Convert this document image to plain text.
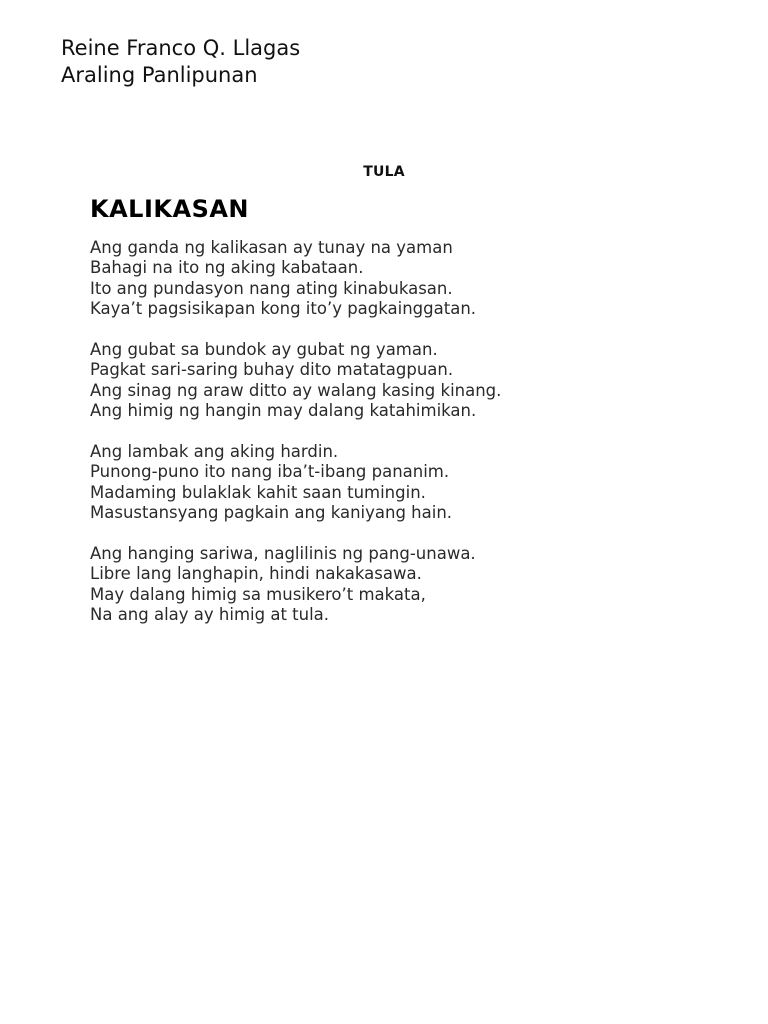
Reine Franco Q. Llagas
Araling Panlipunan
TULA
KALIKASAN
Ang ganda ng kalikasan ay tunay na yaman
Bahagi na ito ng aking kabataan.
Ito ang pundasyon nang ating kinabukasan.
Kaya’t pagsisikapan kong ito’y pagkainggatan.
Ang gubat sa bundok ay gubat ng yaman.
Pagkat sari-saring buhay dito matatagpuan.
Ang sinag ng araw ditto ay walang kasing kinang.
Ang himig ng hangin may dalang katahimikan.
Ang lambak ang aking hardin.
Punong-puno ito nang iba’t-ibang pananim.
Madaming bulaklak kahit saan tumingin.
Masustansyang pagkain ang kaniyang hain.
Ang hanging sariwa, naglilinis ng pang-unawa.
Libre lang langhapin, hindi nakakasawa.
May dalang himig sa musikero’t makata,
Na ang alay ay himig at tula.
